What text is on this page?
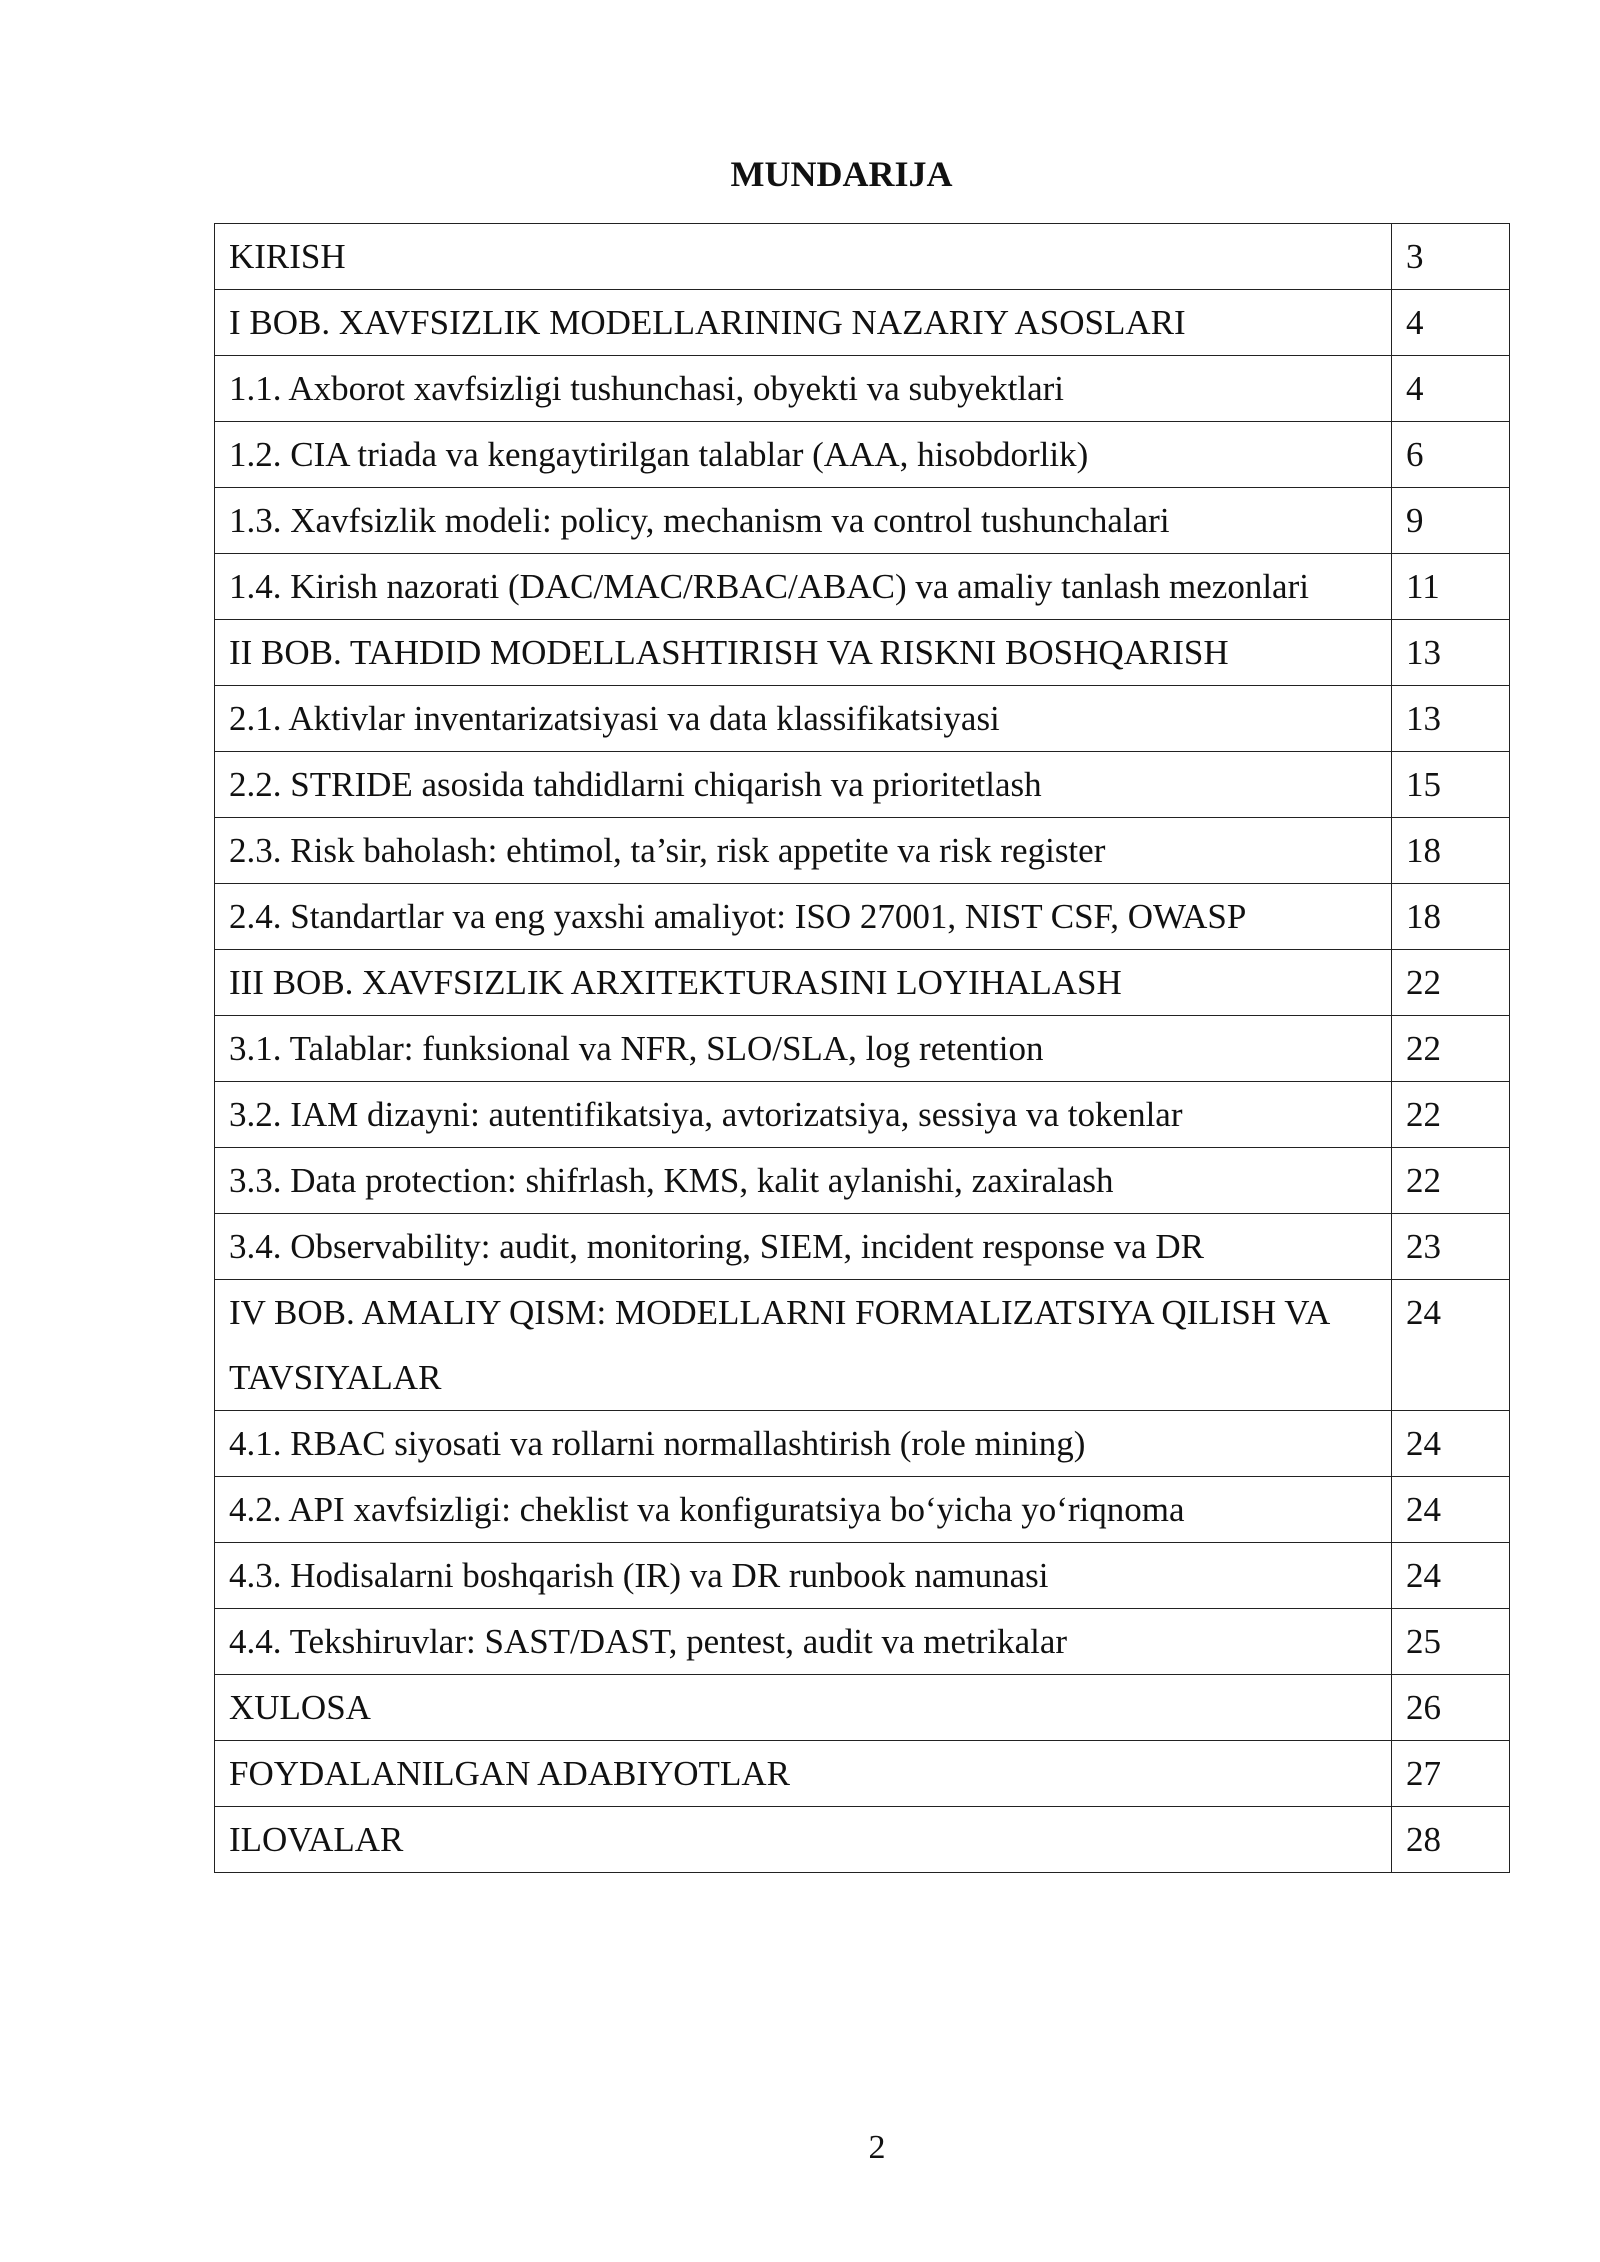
MUNDARIJA
KIRISH	3
I BOB. XAVFSIZLIK MODELLARINING NAZARIY ASOSLARI	4
1.1. Axborot xavfsizligi tushunchasi, obyekti va subyektlari	4
1.2. CIA triada va kengaytirilgan talablar (AAA, hisobdorlik)	6
1.3. Xavfsizlik modeli: policy, mechanism va control tushunchalari	9
1.4. Kirish nazorati (DAC/MAC/RBAC/ABAC) va amaliy tanlash mezonlari	11
II BOB. TAHDID MODELLASHTIRISH VA RISKNI BOSHQARISH	13
2.1. Aktivlar inventarizatsiyasi va data klassifikatsiyasi	13
2.2. STRIDE asosida tahdidlarni chiqarish va prioritetlash	15
2.3. Risk baholash: ehtimol, ta’sir, risk appetite va risk register	18
2.4. Standartlar va eng yaxshi amaliyot: ISO 27001, NIST CSF, OWASP	18
III BOB. XAVFSIZLIK ARXITEKTURASINI LOYIHALASH	22
3.1. Talablar: funksional va NFR, SLO/SLA, log retention	22
3.2. IAM dizayni: autentifikatsiya, avtorizatsiya, sessiya va tokenlar	22
3.3. Data protection: shifrlash, KMS, kalit aylanishi, zaxiralash	22
3.4. Observability: audit, monitoring, SIEM, incident response va DR	23
IV BOB. AMALIY QISM: MODELLARNI FORMALIZATSIYA QILISH VA TAVSIYALAR	24
4.1. RBAC siyosati va rollarni normallashtirish (role mining)	24
4.2. API xavfsizligi: cheklist va konfiguratsiya bo‘yicha yo‘riqnoma	24
4.3. Hodisalarni boshqarish (IR) va DR runbook namunasi	24
4.4. Tekshiruvlar: SAST/DAST, pentest, audit va metrikalar	25
XULOSA	26
FOYDALANILGAN ADABIYOTLAR	27
ILOVALAR	28
2
